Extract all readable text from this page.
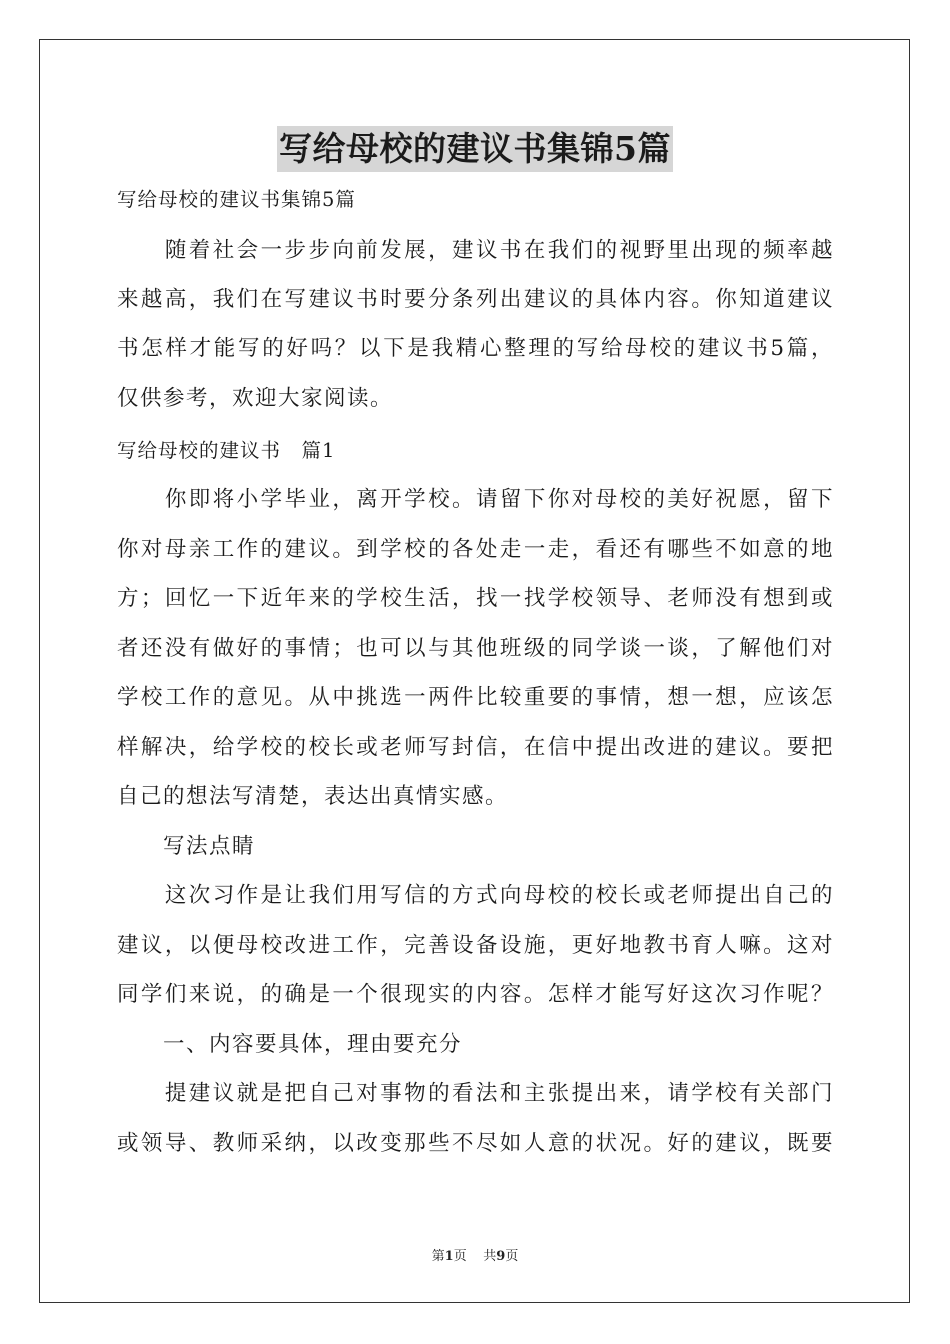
写给母校的建议书集锦5篇
写给母校的建议书集锦5篇
　　随着社会一步步向前发展，建议书在我们的视野里出现的频率越
来越高，我们在写建议书时要分条列出建议的具体内容。你知道建议
书怎样才能写的好吗？以下是我精心整理的写给母校的建议书5篇，
仅供参考，欢迎大家阅读。
写给母校的建议书　篇1
　　你即将小学毕业，离开学校。请留下你对母校的美好祝愿，留下
你对母亲工作的建议。到学校的各处走一走，看还有哪些不如意的地
方；回忆一下近年来的学校生活，找一找学校领导、老师没有想到或
者还没有做好的事情；也可以与其他班级的同学谈一谈，了解他们对
学校工作的意见。从中挑选一两件比较重要的事情，想一想，应该怎
样解决，给学校的校长或老师写封信，在信中提出改进的建议。要把
自己的想法写清楚，表达出真情实感。
　　写法点睛
　　这次习作是让我们用写信的方式向母校的校长或老师提出自己的
建议，以便母校改进工作，完善设备设施，更好地教书育人嘛。这对
同学们来说，的确是一个很现实的内容。怎样才能写好这次习作呢？
　　一、内容要具体，理由要充分
　　提建议就是把自己对事物的看法和主张提出来，请学校有关部门
或领导、教师采纳，以改变那些不尽如人意的状况。好的建议，既要
第1页 共9页
